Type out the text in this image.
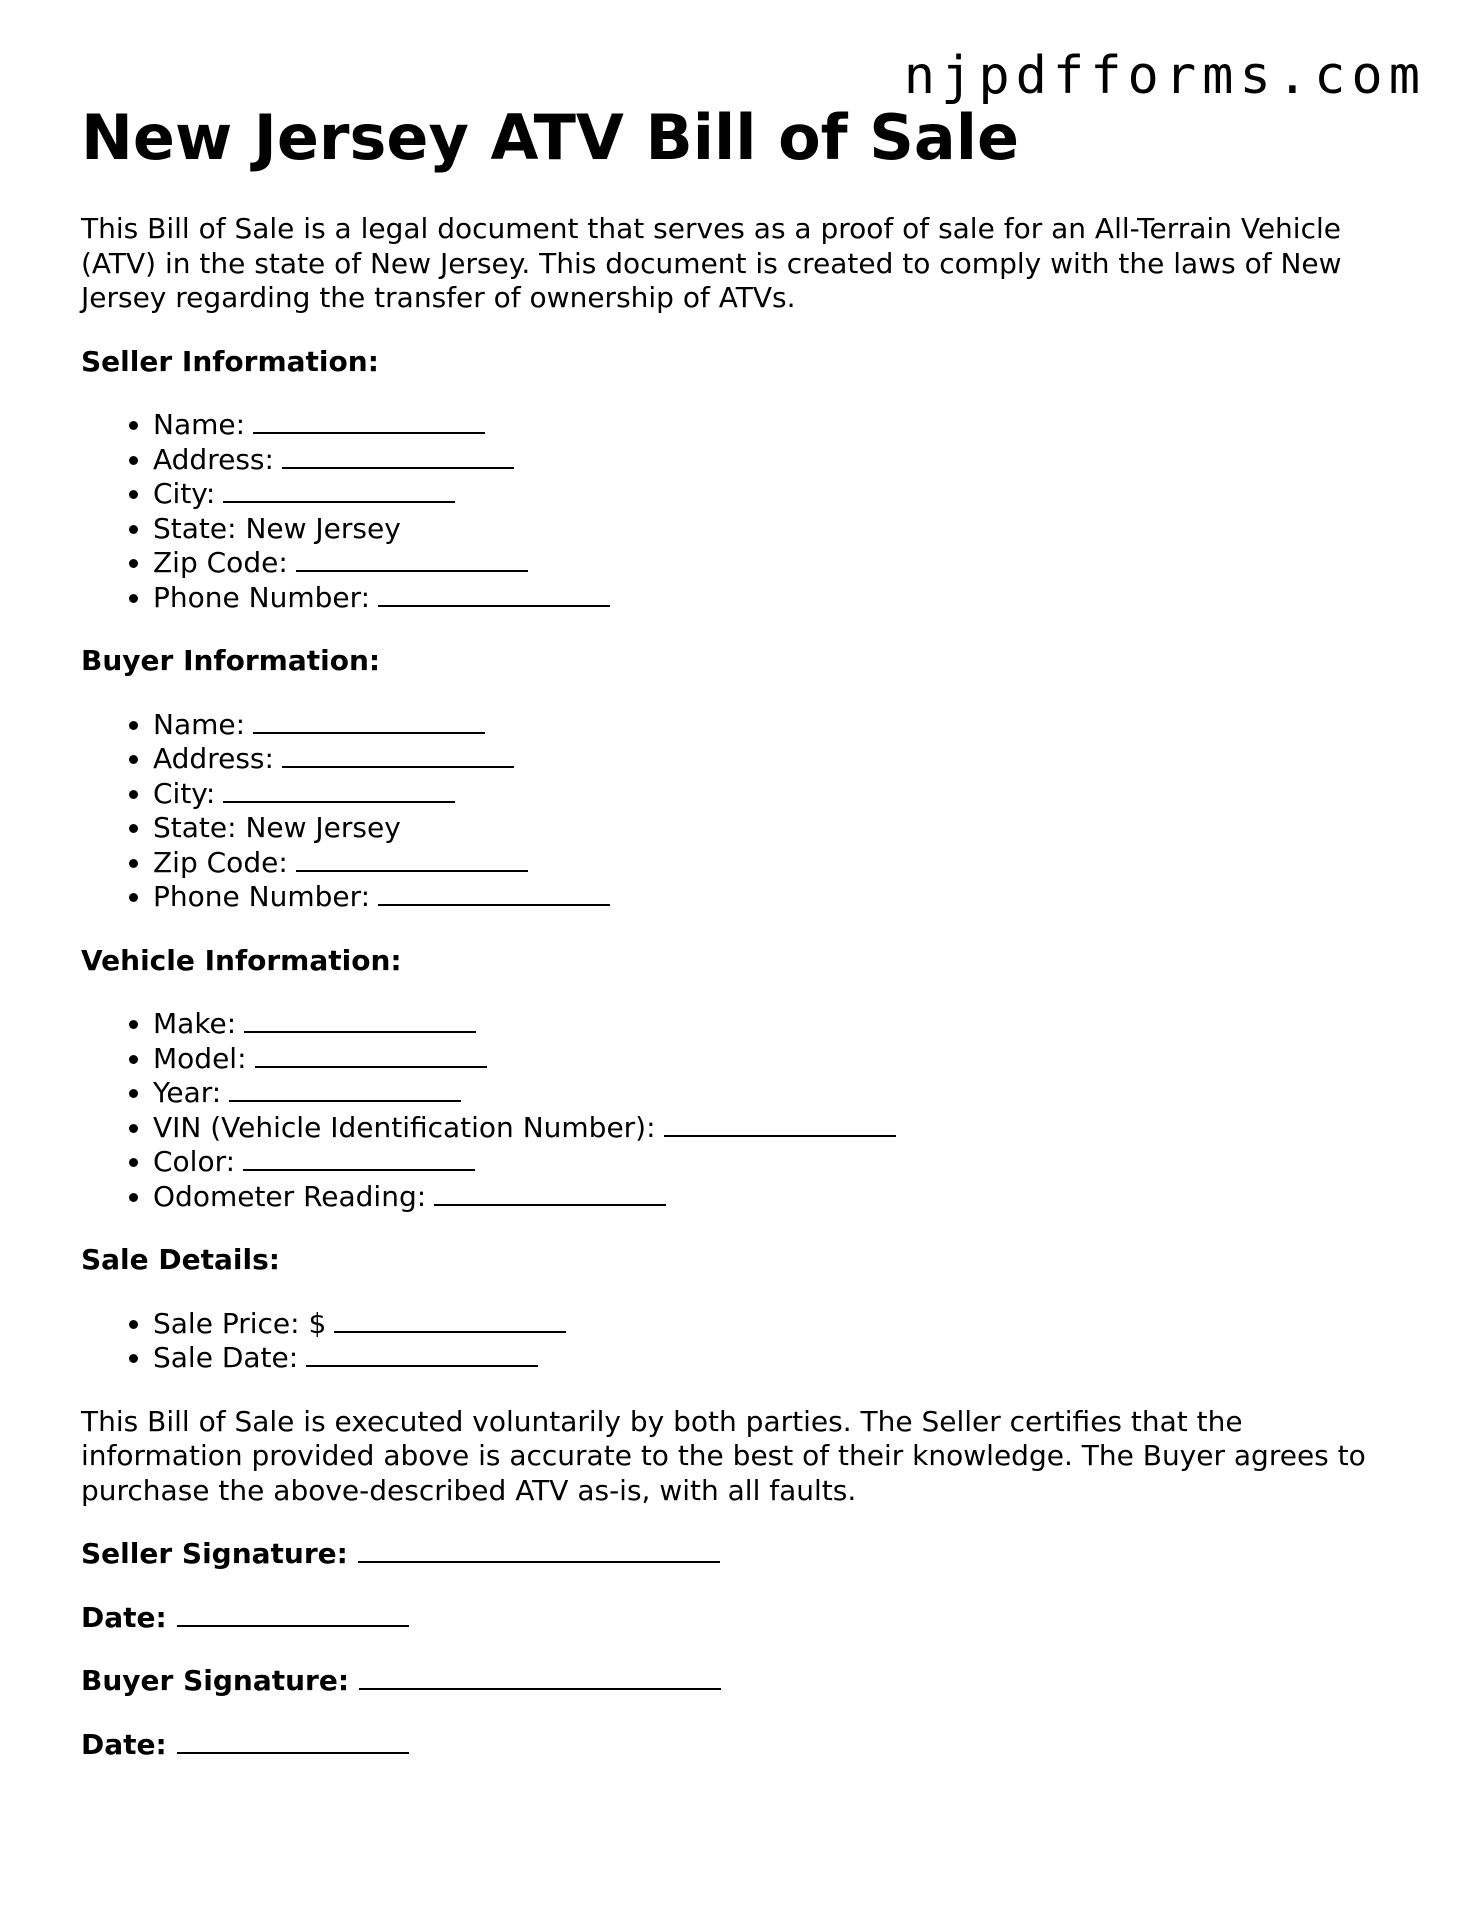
njpdfforms.com
New Jersey ATV Bill of Sale

This Bill of Sale is a legal document that serves as a proof of sale for an All-Terrain Vehicle (ATV) in the state of New Jersey. This document is created to comply with the laws of New Jersey regarding the transfer of ownership of ATVs.

Seller Information:

• Name:
• Address:
• City:
• State: New Jersey
• Zip Code:
• Phone Number:

Buyer Information:

• Name:
• Address:
• City:
• State: New Jersey
• Zip Code:
• Phone Number:

Vehicle Information:

• Make:
• Model:
• Year:
• VIN (Vehicle Identification Number):
• Color:
• Odometer Reading:

Sale Details:

• Sale Price: $
• Sale Date:

This Bill of Sale is executed voluntarily by both parties. The Seller certifies that the information provided above is accurate to the best of their knowledge. The Buyer agrees to purchase the above-described ATV as-is, with all faults.

Seller Signature:

Date:

Buyer Signature:

Date:
